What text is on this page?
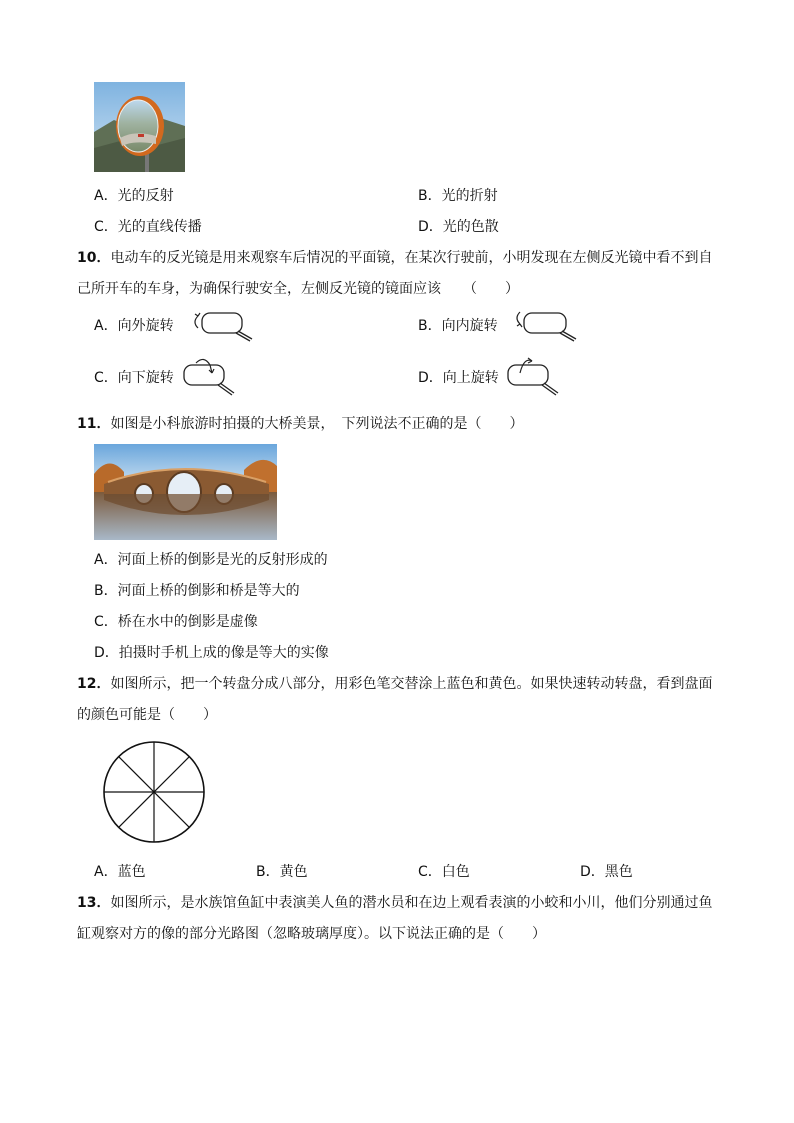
A．光的反射	B．光的折射
C．光的直线传播	D．光的色散
10．电动车的反光镜是用来观察车后情况的平面镜，在某次行驶前，小明发现在左侧反光镜中看不到自
己所开车的车身，为确保行驶安全，左侧反光镜的镜面应该 （　　）
A．向外旋转	B．向内旋转
C．向下旋转	D．向上旋转
11．如图是小科旅游时拍摄的大桥美景，　下列说法不正确的是（　　）
A．河面上桥的倒影是光的反射形成的
B．河面上桥的倒影和桥是等大的
C．桥在水中的倒影是虚像
D．拍摄时手机上成的像是等大的实像
12．如图所示，把一个转盘分成八部分，用彩色笔交替涂上蓝色和黄色。如果快速转动转盘，看到盘面
的颜色可能是（　　）
A．蓝色	B．黄色	C．白色	D．黑色
13．如图所示，是水族馆鱼缸中表演美人鱼的潜水员和在边上观看表演的小蛟和小川，他们分别通过鱼
缸观察对方的像的部分光路图（忽略玻璃厚度）。以下说法正确的是（　　）
